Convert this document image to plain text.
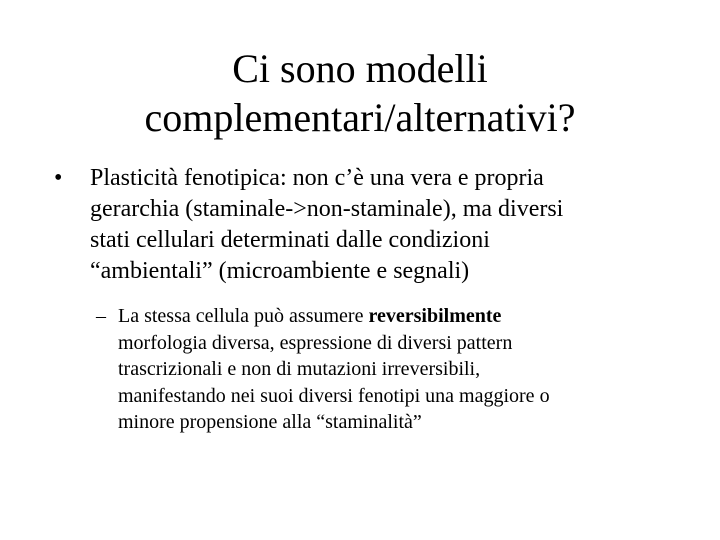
Ci sono modelli
complementari/alternativi?
•	Plasticità fenotipica: non c’è una vera e propria
gerarchia (staminale->non-staminale), ma diversi
stati cellulari determinati dalle condizioni
“ambientali” (microambiente e segnali)
– La stessa cellula può assumere reversibilmente
morfologia diversa, espressione di diversi pattern
trascrizionali e non di mutazioni irreversibili,
manifestando nei suoi diversi fenotipi una maggiore o
minore propensione alla “staminalità”
